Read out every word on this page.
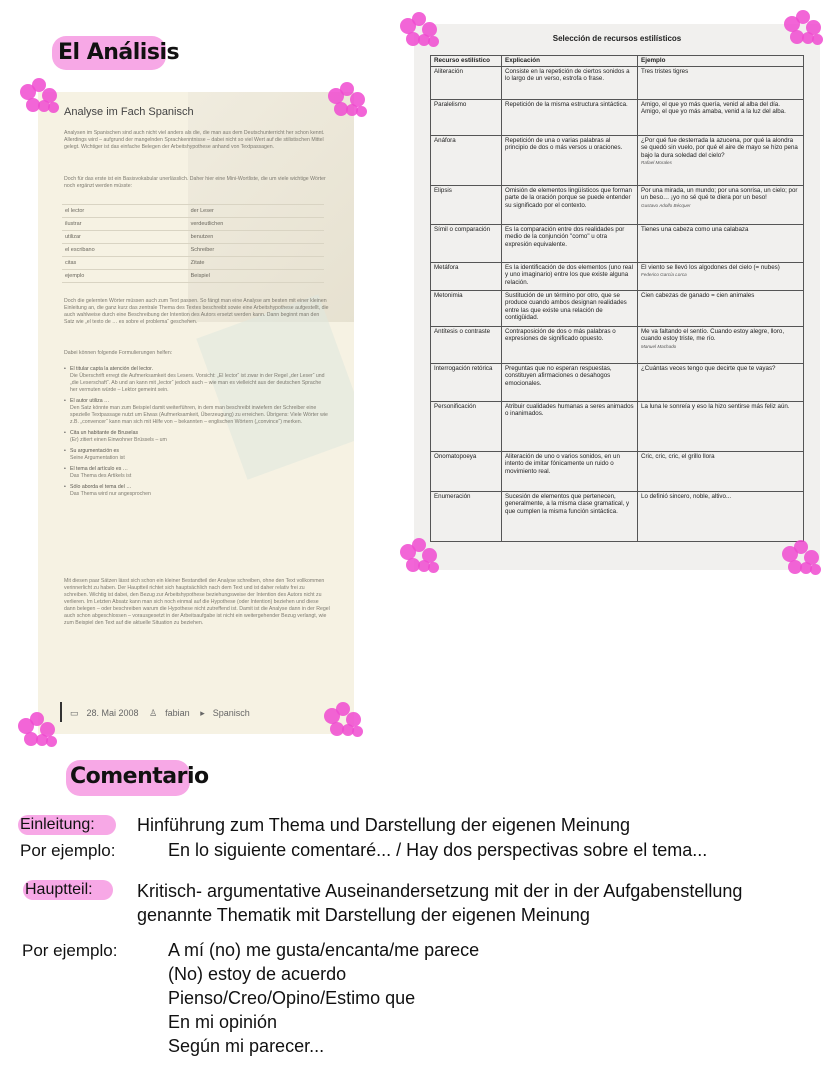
El Análisis
Analyse im Fach Spanisch
Analysen im Spanischen sind auch nicht viel anders als die, die man aus dem Deutschunterricht her schon kennt. Allerdings wird – aufgrund der mangelnden Sprachkenntnisse – dabei nicht so viel Wert auf die stilistischen Mittel gelegt. Wichtiger ist das einfache Belegen der Arbeitshypothese anhand von Textpassagen.
Doch für das erste ist ein Basisvokabular unerlässlich. Daher hier eine Mini-Wortliste, die um viele wichtige Wörter noch ergänzt werden müsste:
el lector	der Leser
ilustrar	verdeutlichen
utilizar	benutzen
el escribano	Schreiber
citas	Zitate
ejemplo	Beispiel
Doch die gelernten Wörter müssen auch zum Text passen. So fängt man eine Analyse am besten mit einer kleinen Einleitung an, die ganz kurz das zentrale Thema des Textes beschreibt sowie eine Arbeitshypothese aufgestellt, die auch wahlweise durch eine Beschreibung der Intention des Autors ersetzt werden kann. Dann beginnt man den Satz wie „el texto de … es sobre el problema“ geschehen.
Dabei können folgende Formulierungen helfen:
• El titular capta la atención del lector.
Die Überschrift erregt die Aufmerksamkeit des Lesers. Vorsicht: „El lector“ ist zwar in der Regel „der Leser“ und „die Leserschaft“. Ab und an kann mit „lector“ jedoch auch – wie man es vielleicht aus der deutschen Sprache her vermuten würde – Lektor gemeint sein.
• El autor utiliza …
Den Satz könnte man zum Beispiel damit weiterführen, in dem man beschreibt inwiefern der Schreiber eine spezielle Textpassage nutzt um Etwas (Aufmerksamkeit, Überzeugung) zu erreichen. Übrigens: Viele Wörter wie z.B. „convencer“ kann man sich mit Hilfe von – bekannten – englischen Wörtern („convince“) merken.
• Cita un habitante de Bruselas
(Er) zitiert einen Einwohner Brüssels – um
• Su argumentación es
Seine Argumentation ist
• El tema del artículo es …
Das Thema des Artikels ist
• Sólo aborda el tema del …
Das Thema wird nur angesprochen
Mit diesen paar Sätzen lässt sich schon ein kleiner Bestandteil der Analyse schreiben, ohne den Text vollkommen verinnerlicht zu haben. Der Hauptteil richtet sich hauptsächlich nach dem Text und ist daher relativ frei zu schreiben. Wichtig ist dabei, den Bezug zur Arbeitshypothese beziehungsweise der Intention des Autors nicht zu verlieren. Im Letzten Absatz kann man sich noch einmal auf die Hypothese (oder Intention) beziehen und diese dann belegen – oder beschreiben warum die Hypothese nicht zutreffend ist. Damit ist die Analyse dann in der Regel auch schon abgeschlossen – vorausgesetzt in der Arbeitsaufgabe ist nicht ein weitergehender Bezug verlangt, wie zum Beispiel den Text auf die aktuelle Situation zu beziehen.
▭ 28. Mai 2008 ♙ fabian ▸ Spanisch
Selección de recursos estilísticos
Recurso estilístico	Explicación	Ejemplo
Aliteración	Consiste en la repetición de ciertos sonidos a lo largo de un verso, estrofa o frase.	Tres tristes tigres
Paralelismo	Repetición de la misma estructura sintáctica.	Amigo, el que yo más quería, venid al alba del día. Amigo, el que yo más amaba, venid a la luz del alba.
Anáfora	Repetición de una o varias palabras al principio de dos o más versos u oraciones.	¿Por qué fue desterrada la azucena, por qué la alondra se quedó sin vuelo, por qué el aire de mayo se hizo pena bajo la dura soledad del cielo?
Rafael Morales

Elipsis	Omisión de elementos lingüísticos que forman parte de la oración porque se puede entender su significado por el contexto.	Por una mirada, un mundo; por una sonrisa, un cielo; por un beso… ¡yo no sé qué te diera por un beso!
Gustavo Adolfo Bécquer

Símil o comparación	Es la comparación entre dos realidades por medio de la conjunción "como" u otra expresión equivalente.	Tienes una cabeza como una calabaza
Metáfora	Es la identificación de dos elementos (uno real y uno imaginario) entre los que existe alguna relación.	El viento se llevó los algodones del cielo (= nubes)
Federico García Lorca

Metonimia	Sustitución de un término por otro, que se produce cuando ambos designan realidades entre las que existe una relación de contigüidad.	Cien cabezas de ganado = cien animales
Antítesis o contraste	Contraposición de dos o más palabras o expresiones de significado opuesto.	Me va faltando el sentío. Cuando estoy alegre, lloro, cuando estoy triste, me río.
Manuel Machado

Interrogación retórica	Preguntas que no esperan respuestas, constituyen afirmaciones o desahogos emocionales.	¿Cuántas veces tengo que decirte que te vayas?
Personificación	Atribuir cualidades humanas a seres animados o inanimados.	La luna le sonreía y eso la hizo sentirse más feliz aún.
Onomatopoeya	Aliteración de uno o varios sonidos, en un intento de imitar fónicamente un ruido o movimiento real.	Cric, cric, cric, el grillo llora
Enumeración	Sucesión de elementos que pertenecen, generalmente, a la misma clase gramatical, y que cumplen la misma función sintáctica.	Lo definió sincero, noble, altivo...
Comentario
Einleitung: Hinführung zum Thema und Darstellung der eigenen Meinung
Por ejemplo:	En lo siguiente comentaré... / Hay dos perspectivas sobre el tema...
Hauptteil: Kritisch- argumentative Auseinandersetzung mit der in der Aufgabenstellung
genannte Thematik mit Darstellung der eigenen Meinung
Por ejemplo:	A mí (no) me gusta/encanta/me parece
(No) estoy de acuerdo
Pienso/Creo/Opino/Estimo que
En mi opinión
Según mi parecer...
